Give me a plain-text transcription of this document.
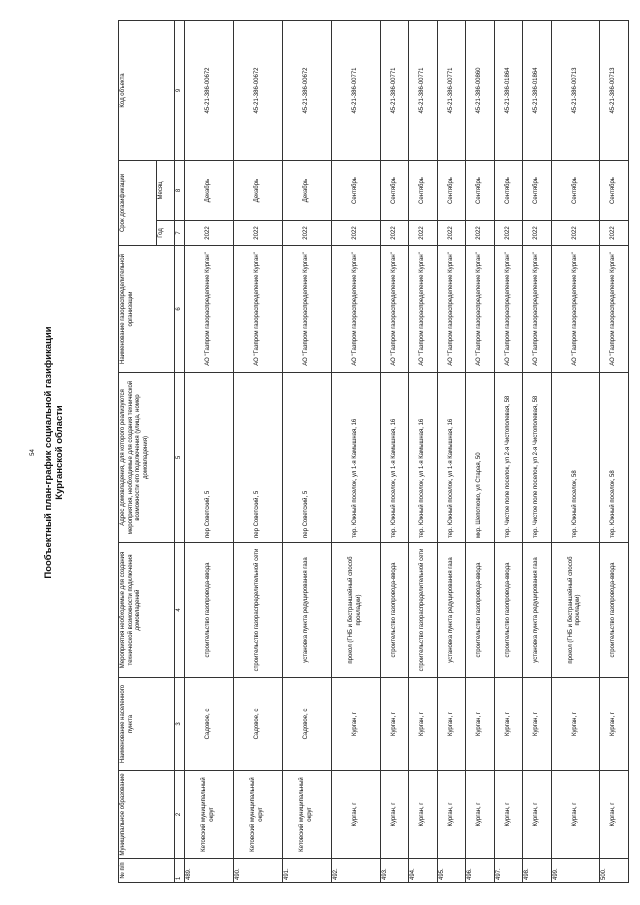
54 Пообъектный план-график социальной газификации Курганской области
№ п/п	Муниципальное образование	Наименование населенного пункта	Мероприятия необходимые для создания технической возможности подключения домовладений	Адрес домовладения, для которого реализуются мероприятия, необходимые для создания технической возможности его подключения (улица, номер домовладения)	Наименование газораспределительной организации	Срок догазификации		Код объекта
						Год	Месяц	
1	2	3	4	5	6	7	8	9
489.	Кетовский муниципальный округ	Садовое, с	строительство газопровода-ввода	пер Советский, 5	АО "Газпром газораспределение Курган"	2022	Декабрь	45-21-386-00672
490.	Кетовский муниципальный округ	Садовое, с	строительство газораспределительной сети	пер Советский, 5	АО "Газпром газораспределение Курган"	2022	Декабрь	45-21-386-00672
491.	Кетовский муниципальный округ	Садовое, с	установка пункта редуцирования газа	пер Советский, 5	АО "Газпром газораспределение Курган"	2022	Декабрь	45-21-386-00672
492.	Курган, г	Курган, г	прокол (ГНБ и бестраншейный способ прокладки)	тер. Южный поселок, ул 1-я Камышная, 16	АО "Газпром газораспределение Курган"	2022	Сентябрь	45-21-386-00771
493.	Курган, г	Курган, г	строительство газопровода-ввода	тер. Южный поселок, ул 1-я Камышная, 16	АО "Газпром газораспределение Курган"	2022	Сентябрь	45-21-386-00771
494.	Курган, г	Курган, г	строительство газораспределительной сети	тер. Южный поселок, ул 1-я Камышная, 16	АО "Газпром газораспределение Курган"	2022	Сентябрь	45-21-386-00771
495.	Курган, г	Курган, г	установка пункта редуцирования газа	тер. Южный поселок, ул 1-я Камышная, 16	АО "Газпром газораспределение Курган"	2022	Сентябрь	45-21-386-00771
496.	Курган, г	Курган, г	строительство газопровода-ввода	мкр. Шепотково, ул Старая, 50	АО "Газпром газораспределение Курган"	2022	Сентябрь	45-21-386-00860
497.	Курган, г	Курган, г	строительство газопровода-ввода	тер. Чистое поле поселок, ул 2-я Чистополевая, 58	АО "Газпром газораспределение Курган"	2022	Сентябрь	45-21-386-01864
498.	Курган, г	Курган, г	установка пункта редуцирования газа	тер. Чистое поле поселок, ул 2-я Чистополевая, 58	АО "Газпром газораспределение Курган"	2022	Сентябрь	45-21-386-01864
499.	Курган, г	Курган, г	прокол (ГНБ и бестраншейный способ прокладки)	тер. Южный поселок, 58	АО "Газпром газораспределение Курган"	2022	Сентябрь	45-21-386-00713
500.	Курган, г	Курган, г	строительство газопровода-ввода	тер. Южный поселок, 58	АО "Газпром газораспределение Курган"	2022	Сентябрь	45-21-386-00713
